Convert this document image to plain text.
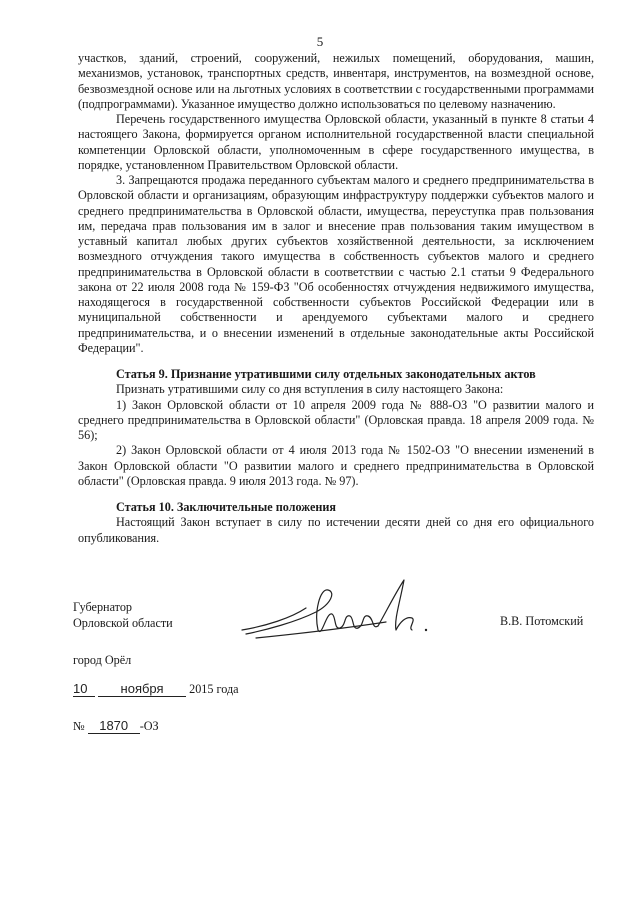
5

участков, зданий, строений, сооружений, нежилых помещений, оборудования, машин, механизмов, установок, транспортных средств, инвентаря, инструментов, на возмездной основе, безвозмездной основе или на льготных условиях в соответствии с государственными программами (подпрограммами). Указанное имущество должно использоваться по целевому назначению.

Перечень государственного имущества Орловской области, указанный в пункте 8 статьи 4 настоящего Закона, формируется органом исполнительной государственной власти специальной компетенции Орловской области, уполномоченным в сфере государственного имущества, в порядке, установленном Правительством Орловской области.

3. Запрещаются продажа переданного субъектам малого и среднего предпринимательства в Орловской области и организациям, образующим инфраструктуру поддержки субъектов малого и среднего предпринимательства в Орловской области, имущества, переуступка прав пользования им, передача прав пользования им в залог и внесение прав пользования таким имуществом в уставный капитал любых других субъектов хозяйственной деятельности, за исключением возмездного отчуждения такого имущества в собственность субъектов малого и среднего предпринимательства в Орловской области в соответствии с частью 2.1 статьи 9 Федерального закона от 22 июля 2008 года № 159-ФЗ "Об особенностях отчуждения недвижимого имущества, находящегося в государственной собственности субъектов Российской Федерации или в муниципальной собственности и арендуемого субъектами малого и среднего предпринимательства, и о внесении изменений в отдельные законодательные акты Российской Федерации".

Статья 9. Признание утратившими силу отдельных законодательных актов

Признать утратившими силу со дня вступления в силу настоящего Закона:

1) Закон Орловской области от 10 апреля 2009 года № 888-ОЗ "О развитии малого и среднего предпринимательства в Орловской области" (Орловская правда. 18 апреля 2009 года. № 56);

2) Закон Орловской области от 4 июля 2013 года № 1502-ОЗ "О внесении изменений в Закон Орловской области "О развитии малого и среднего предпринимательства в Орловской области" (Орловская правда. 9 июля 2013 года. № 97).

Статья 10. Заключительные положения

Настоящий Закон вступает в силу по истечении десяти дней со дня его официального опубликования.

Губернатор
Орловской области	В.В. Потомский
город Орёл
10	ноября 2015 года
№ 1870 -ОЗ
